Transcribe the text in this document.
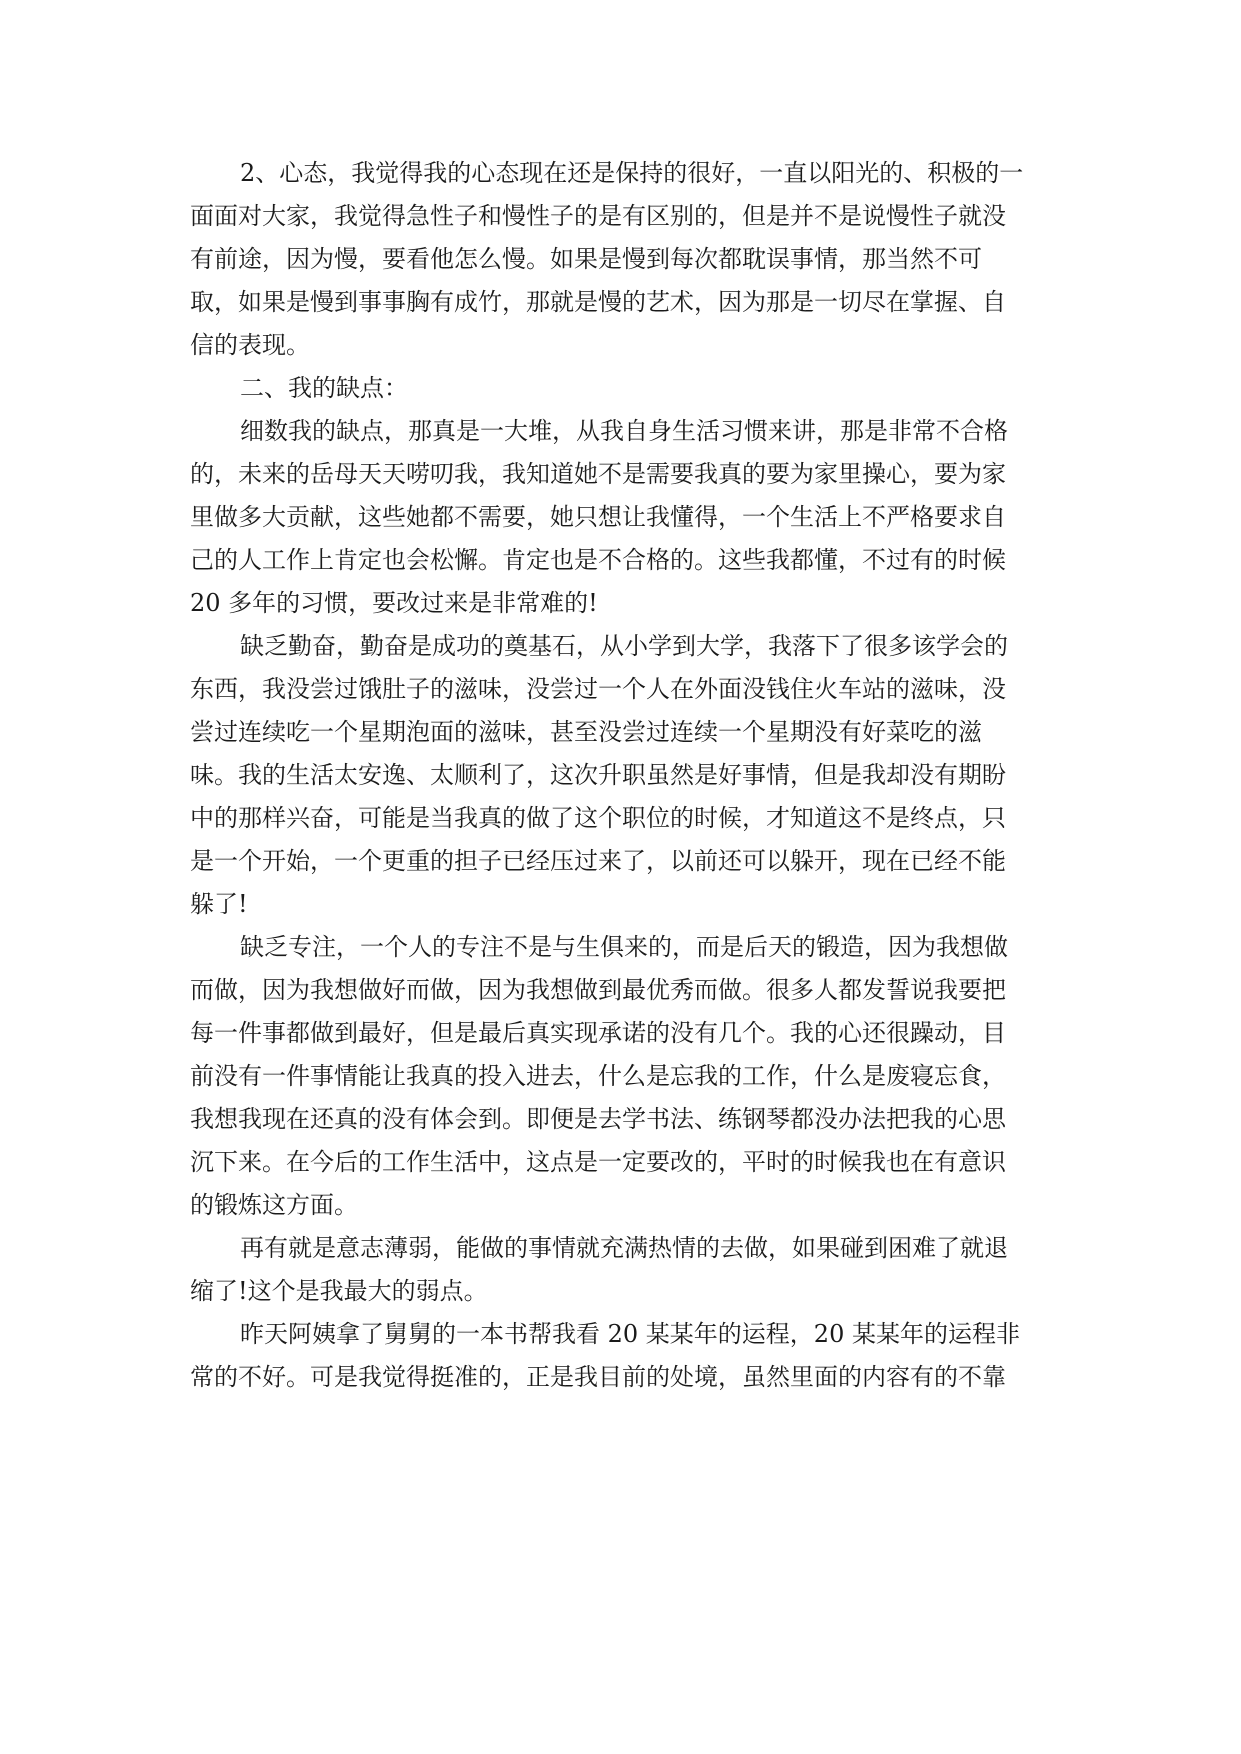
2、心态，我觉得我的心态现在还是保持的很好，一直以阳光的、积极的一
面面对大家，我觉得急性子和慢性子的是有区别的，但是并不是说慢性子就没
有前途，因为慢，要看他怎么慢。如果是慢到每次都耽误事情，那当然不可
取，如果是慢到事事胸有成竹，那就是慢的艺术，因为那是一切尽在掌握、自
信的表现。
二、我的缺点：
细数我的缺点，那真是一大堆，从我自身生活习惯来讲，那是非常不合格
的，未来的岳母天天唠叨我，我知道她不是需要我真的要为家里操心，要为家
里做多大贡献，这些她都不需要，她只想让我懂得，一个生活上不严格要求自
己的人工作上肯定也会松懈。肯定也是不合格的。这些我都懂，不过有的时候
20 多年的习惯，要改过来是非常难的!
缺乏勤奋，勤奋是成功的奠基石，从小学到大学，我落下了很多该学会的
东西，我没尝过饿肚子的滋味，没尝过一个人在外面没钱住火车站的滋味，没
尝过连续吃一个星期泡面的滋味，甚至没尝过连续一个星期没有好菜吃的滋
味。我的生活太安逸、太顺利了，这次升职虽然是好事情，但是我却没有期盼
中的那样兴奋，可能是当我真的做了这个职位的时候，才知道这不是终点，只
是一个开始，一个更重的担子已经压过来了，以前还可以躲开，现在已经不能
躲了!
缺乏专注，一个人的专注不是与生俱来的，而是后天的锻造，因为我想做
而做，因为我想做好而做，因为我想做到最优秀而做。很多人都发誓说我要把
每一件事都做到最好，但是最后真实现承诺的没有几个。我的心还很躁动，目
前没有一件事情能让我真的投入进去，什么是忘我的工作，什么是废寝忘食，
我想我现在还真的没有体会到。即便是去学书法、练钢琴都没办法把我的心思
沉下来。在今后的工作生活中，这点是一定要改的，平时的时候我也在有意识
的锻炼这方面。
再有就是意志薄弱，能做的事情就充满热情的去做，如果碰到困难了就退
缩了!这个是我最大的弱点。
昨天阿姨拿了舅舅的一本书帮我看 20 某某年的运程，20 某某年的运程非
常的不好。可是我觉得挺准的，正是我目前的处境，虽然里面的内容有的不靠
